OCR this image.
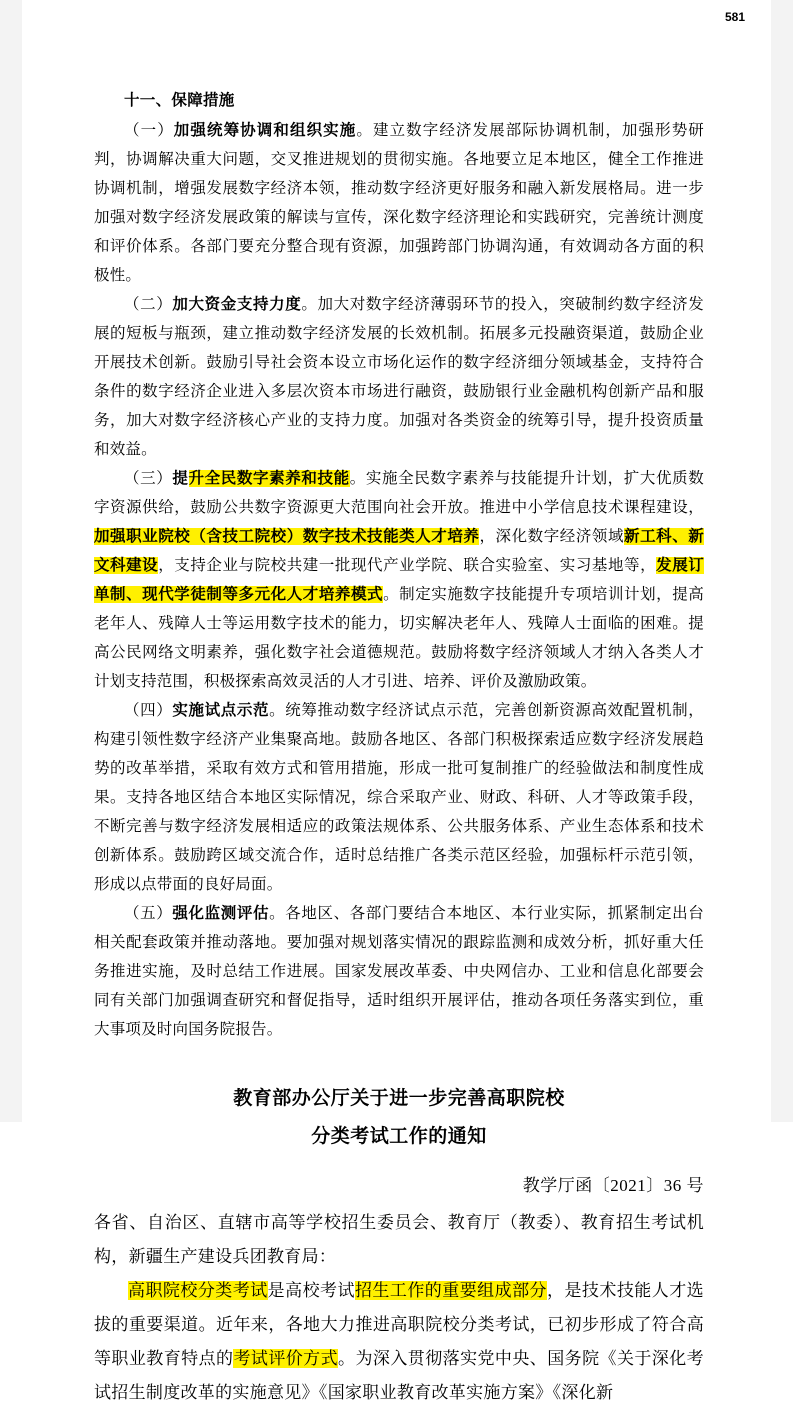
581
十一、保障措施

（一）加强统筹协调和组织实施。建立数字经济发展部际协调机制，加强形势研判，协调解决重大问题，交叉推进规划的贯彻实施。各地要立足本地区，健全工作推进协调机制，增强发展数字经济本领，推动数字经济更好服务和融入新发展格局。进一步加强对数字经济发展政策的解读与宣传，深化数字经济理论和实践研究，完善统计测度和评价体系。各部门要充分整合现有资源，加强跨部门协调沟通，有效调动各方面的积极性。

（二）加大资金支持力度。加大对数字经济薄弱环节的投入，突破制约数字经济发展的短板与瓶颈，建立推动数字经济发展的长效机制。拓展多元投融资渠道，鼓励企业开展技术创新。鼓励引导社会资本设立市场化运作的数字经济细分领域基金，支持符合条件的数字经济企业进入多层次资本市场进行融资，鼓励银行业金融机构创新产品和服务，加大对数字经济核心产业的支持力度。加强对各类资金的统筹引导，提升投资质量和效益。

（三）提升全民数字素养和技能。实施全民数字素养与技能提升计划，扩大优质数字资源供给，鼓励公共数字资源更大范围向社会开放。推进中小学信息技术课程建设，加强职业院校（含技工院校）数字技术技能类人才培养，深化数字经济领域新工科、新文科建设，支持企业与院校共建一批现代产业学院、联合实验室、实习基地等，发展订单制、现代学徒制等多元化人才培养模式。制定实施数字技能提升专项培训计划，提高老年人、残障人士等运用数字技术的能力，切实解决老年人、残障人士面临的困难。提高公民网络文明素养，强化数字社会道德规范。鼓励将数字经济领域人才纳入各类人才计划支持范围，积极探索高效灵活的人才引进、培养、评价及激励政策。

（四）实施试点示范。统筹推动数字经济试点示范，完善创新资源高效配置机制，构建引领性数字经济产业集聚高地。鼓励各地区、各部门积极探索适应数字经济发展趋势的改革举措，采取有效方式和管用措施，形成一批可复制推广的经验做法和制度性成果。支持各地区结合本地区实际情况，综合采取产业、财政、科研、人才等政策手段，不断完善与数字经济发展相适应的政策法规体系、公共服务体系、产业生态体系和技术创新体系。鼓励跨区域交流合作，适时总结推广各类示范区经验，加强标杆示范引领，形成以点带面的良好局面。

（五）强化监测评估。各地区、各部门要结合本地区、本行业实际，抓紧制定出台相关配套政策并推动落地。要加强对规划落实情况的跟踪监测和成效分析，抓好重大任务推进实施，及时总结工作进展。国家发展改革委、中央网信办、工业和信息化部要会同有关部门加强调查研究和督促指导，适时组织开展评估，推动各项任务落实到位，重大事项及时向国务院报告。

教育部办公厅关于进一步完善高职院校
分类考试工作的通知
教学厅函〔2021〕36 号
各省、自治区、直辖市高等学校招生委员会、教育厅（教委）、教育招生考试机构，新疆生产建设兵团教育局：

高职院校分类考试是高校考试招生工作的重要组成部分，是技术技能人才选拔的重要渠道。近年来，各地大力推进高职院校分类考试，已初步形成了符合高等职业教育特点的考试评价方式。为深入贯彻落实党中央、国务院《关于深化考试招生制度改革的实施意见》《国家职业教育改革实施方案》《深化新
